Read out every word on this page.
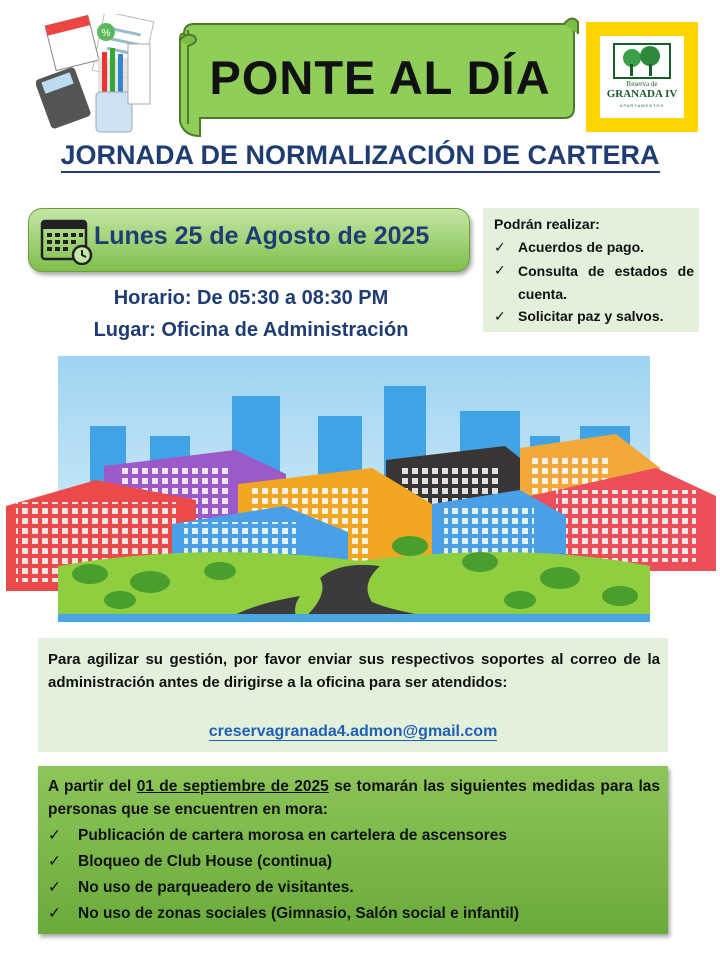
%
PONTE AL DÍA	Reserva de
GRANADA IV
APARTAMENTOS
JORNADA DE NORMALIZACIÓN DE CARTERA
Lunes 25 de Agosto de 2025	Podrán realizar:
✓ Acuerdos de pago.
✓ Consulta de estados de cuenta.
✓ Solicitar paz y salvos.
Horario: De 05:30 a 08:30 PM
Lugar: Oficina de Administración
Para agilizar su gestión, por favor enviar sus respectivos soportes al correo de la administración antes de dirigirse a la oficina para ser atendidos:
creservagranada4.admon@gmail.com
A partir del 01 de septiembre de 2025 se tomarán las siguientes medidas para las personas que se encuentren en mora:
✓ Publicación de cartera morosa en cartelera de ascensores
✓ Bloqueo de Club House (continua)
✓ No uso de parqueadero de visitantes.
✓ No uso de zonas sociales (Gimnasio, Salón social e infantil)
